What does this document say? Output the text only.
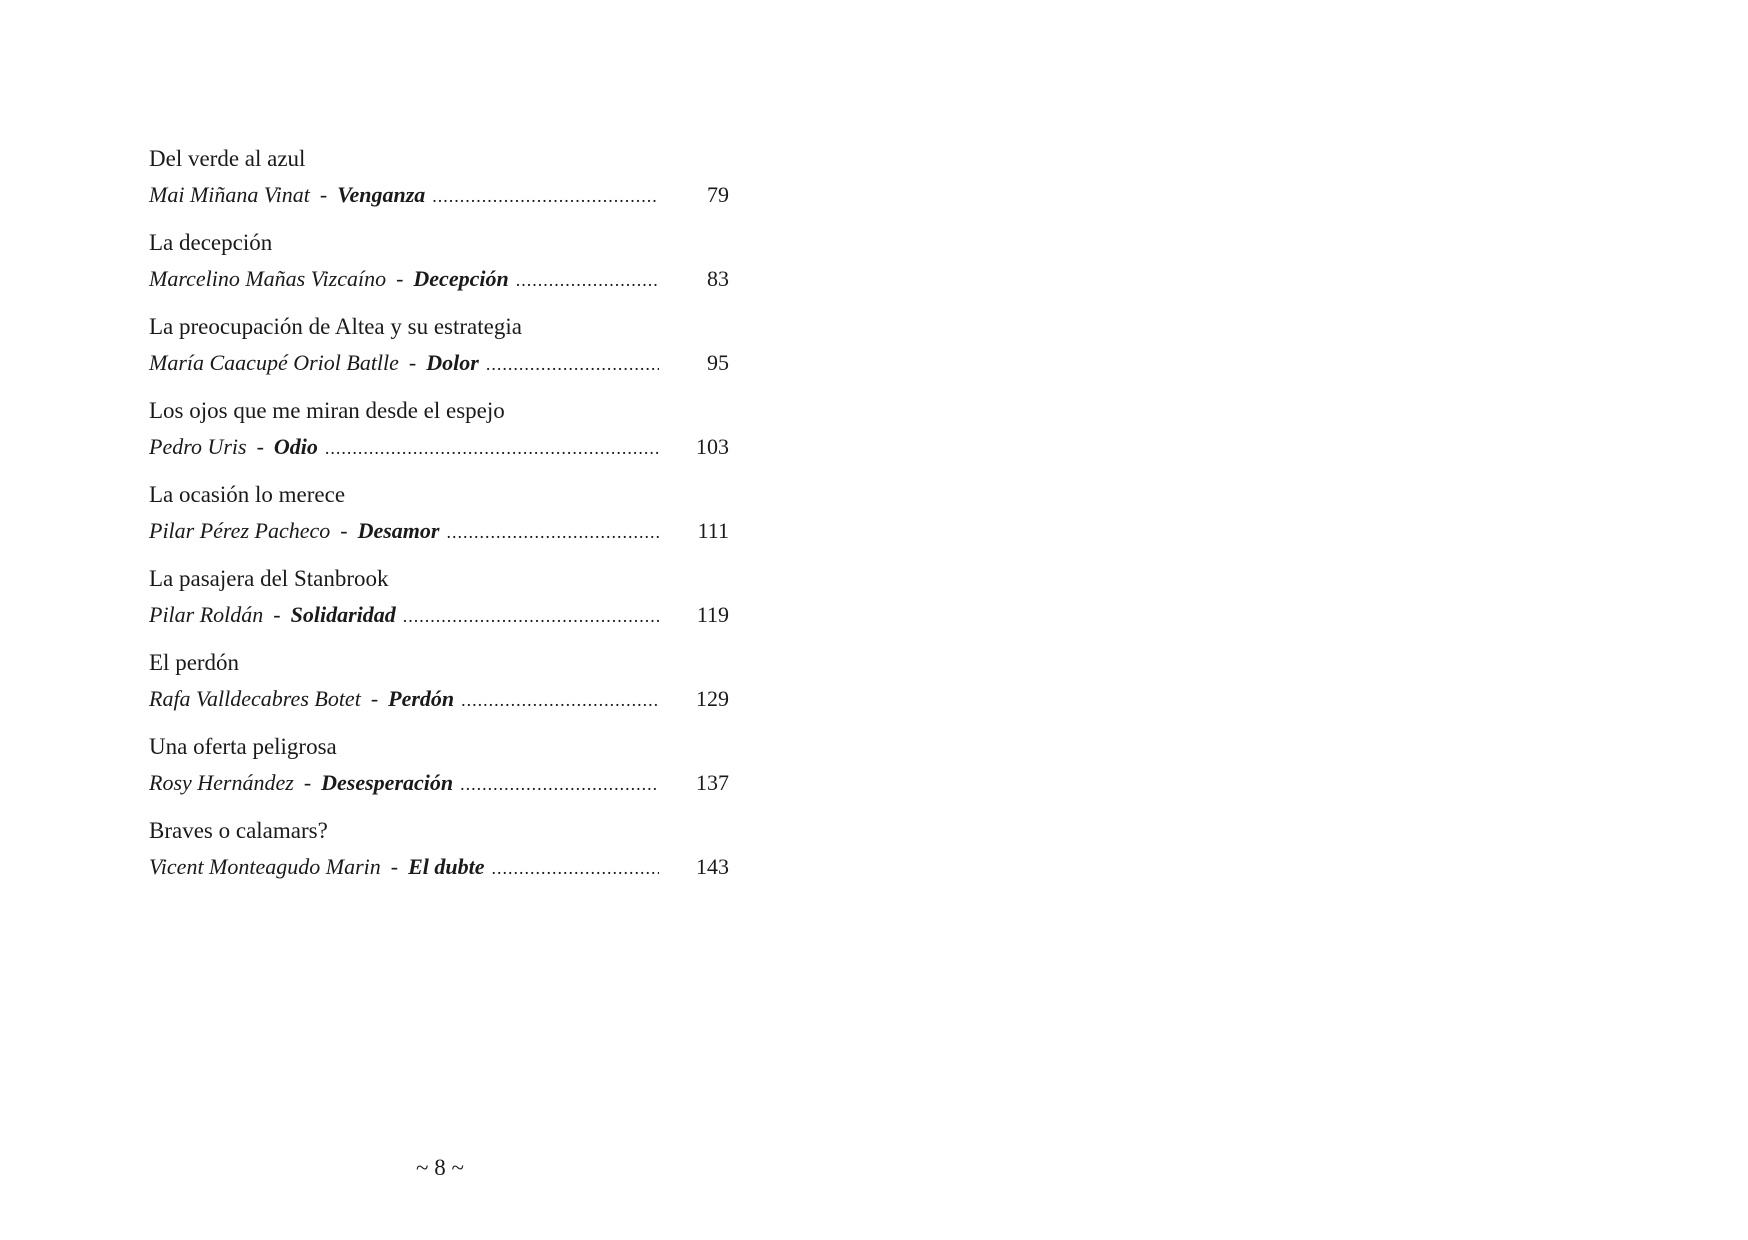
Del verde al azul
Mai Miñana Vinat - Venganza .....	79
La decepción
Marcelino Mañas Vizcaíno - Decepción .....	83
La preocupación de Altea y su estrategia
María Caacupé Oriol Batlle - Dolor .....	95
Los ojos que me miran desde el espejo
Pedro Uris - Odio .....	103
La ocasión lo merece
Pilar Pérez Pacheco - Desamor .....	111
La pasajera del Stanbrook
Pilar Roldán - Solidaridad .....	119
El perdón
Rafa Valldecabres Botet - Perdón .....	129
Una oferta peligrosa
Rosy Hernández - Desesperación .....	137
Braves o calamars?
Vicent Monteagudo Marin - El dubte .....	143
~ 8 ~
